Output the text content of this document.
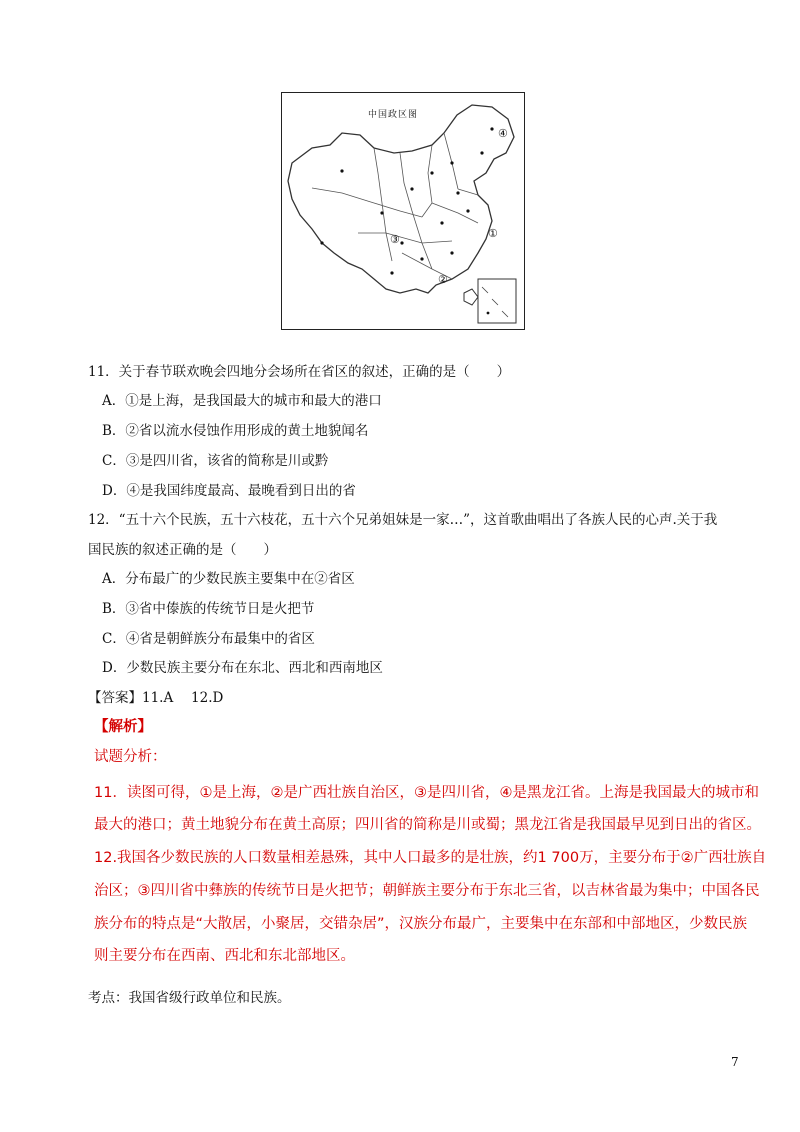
中国政区图
④
①
③
②
11．关于春节联欢晚会四地分会场所在省区的叙述，正确的是（　　）
A．①是上海，是我国最大的城市和最大的港口
B．②省以流水侵蚀作用形成的黄土地貌闻名
C．③是四川省，该省的简称是川或黔
D．④是我国纬度最高、最晚看到日出的省
12．“五十六个民族，五十六枝花，五十六个兄弟姐妹是一家…”，这首歌曲唱出了各族人民的心声.关于我
国民族的叙述正确的是（　　）
A．分布最广的少数民族主要集中在②省区
B．③省中傣族的传统节日是火把节
C．④省是朝鲜族分布最集中的省区
D．少数民族主要分布在东北、西北和西南地区
【答案】11.A　 12.D
【解析】
试题分析：
11．读图可得，①是上海，②是广西壮族自治区，③是四川省，④是黑龙江省。上海是我国最大的城市和
最大的港口；黄土地貌分布在黄土高原；四川省的简称是川或蜀；黑龙江省是我国最早见到日出的省区。
12.我国各少数民族的人口数量相差悬殊，其中人口最多的是壮族，约1 700万，主要分布于②广西壮族自
治区；③四川省中彝族的传统节日是火把节；朝鲜族主要分布于东北三省，以吉林省最为集中；中国各民
族分布的特点是“大散居，小聚居，交错杂居”，汉族分布最广，主要集中在东部和中部地区，少数民族
则主要分布在西南、西北和东北部地区。
考点：我国省级行政单位和民族。
7
